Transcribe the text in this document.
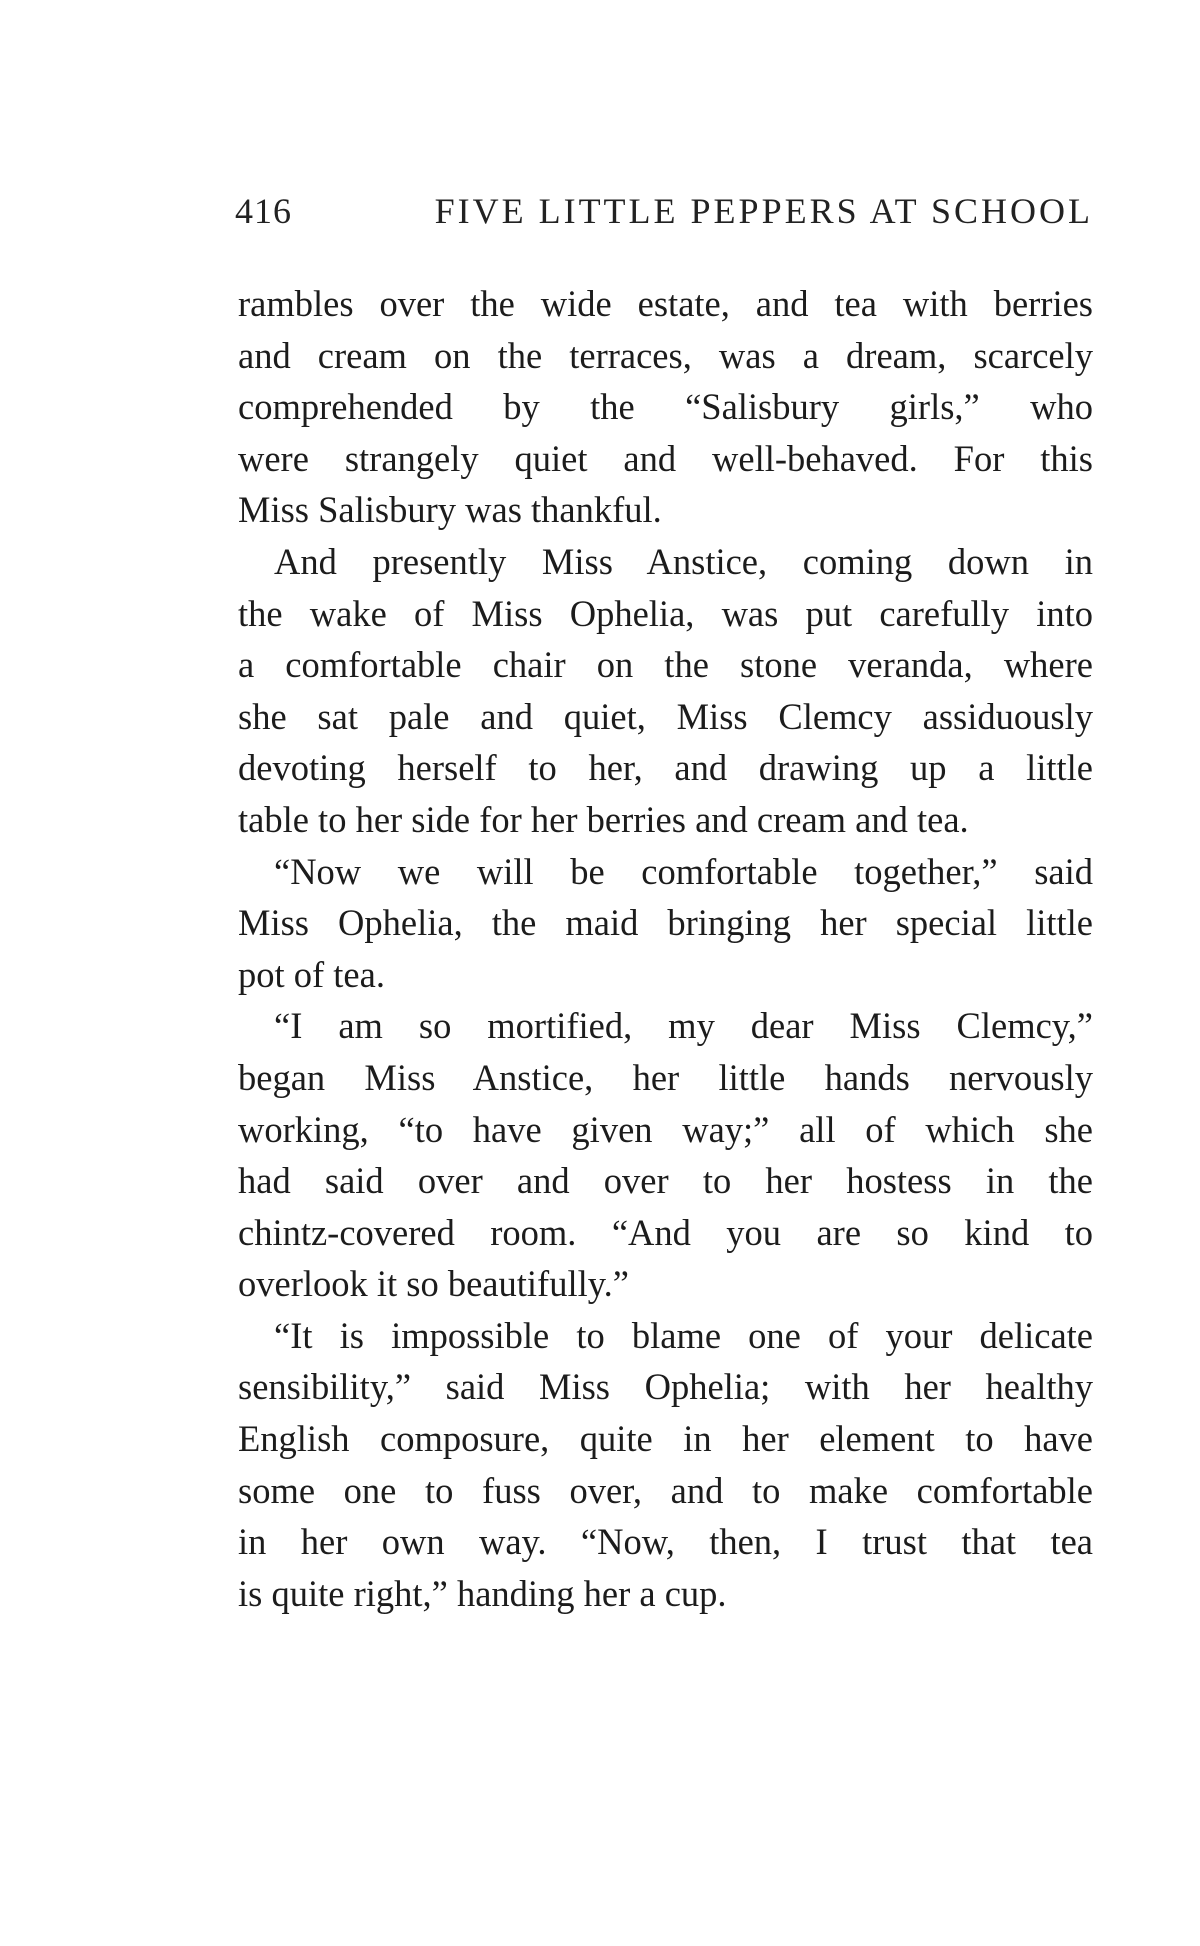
416	FIVE LITTLE PEPPERS AT SCHOOL

rambles over the wide estate, and tea with berries
and cream on the terraces, was a dream, scarcely
comprehended by the “Salisbury girls,” who
were strangely quiet and well-behaved. For this
Miss Salisbury was thankful.

And presently Miss Anstice, coming down in
the wake of Miss Ophelia, was put carefully into
a comfortable chair on the stone veranda, where
she sat pale and quiet, Miss Clemcy assiduously
devoting herself to her, and drawing up a little
table to her side for her berries and cream and tea.

“Now we will be comfortable together,” said
Miss Ophelia, the maid bringing her special little
pot of tea.

“I am so mortified, my dear Miss Clemcy,”
began Miss Anstice, her little hands nervously
working, “to have given way;” all of which she
had said over and over to her hostess in the
chintz-covered room. “And you are so kind to
overlook it so beautifully.”

“It is impossible to blame one of your delicate
sensibility,” said Miss Ophelia; with her healthy
English composure, quite in her element to have
some one to fuss over, and to make comfortable
in her own way. “Now, then, I trust that tea
is quite right,” handing her a cup.
